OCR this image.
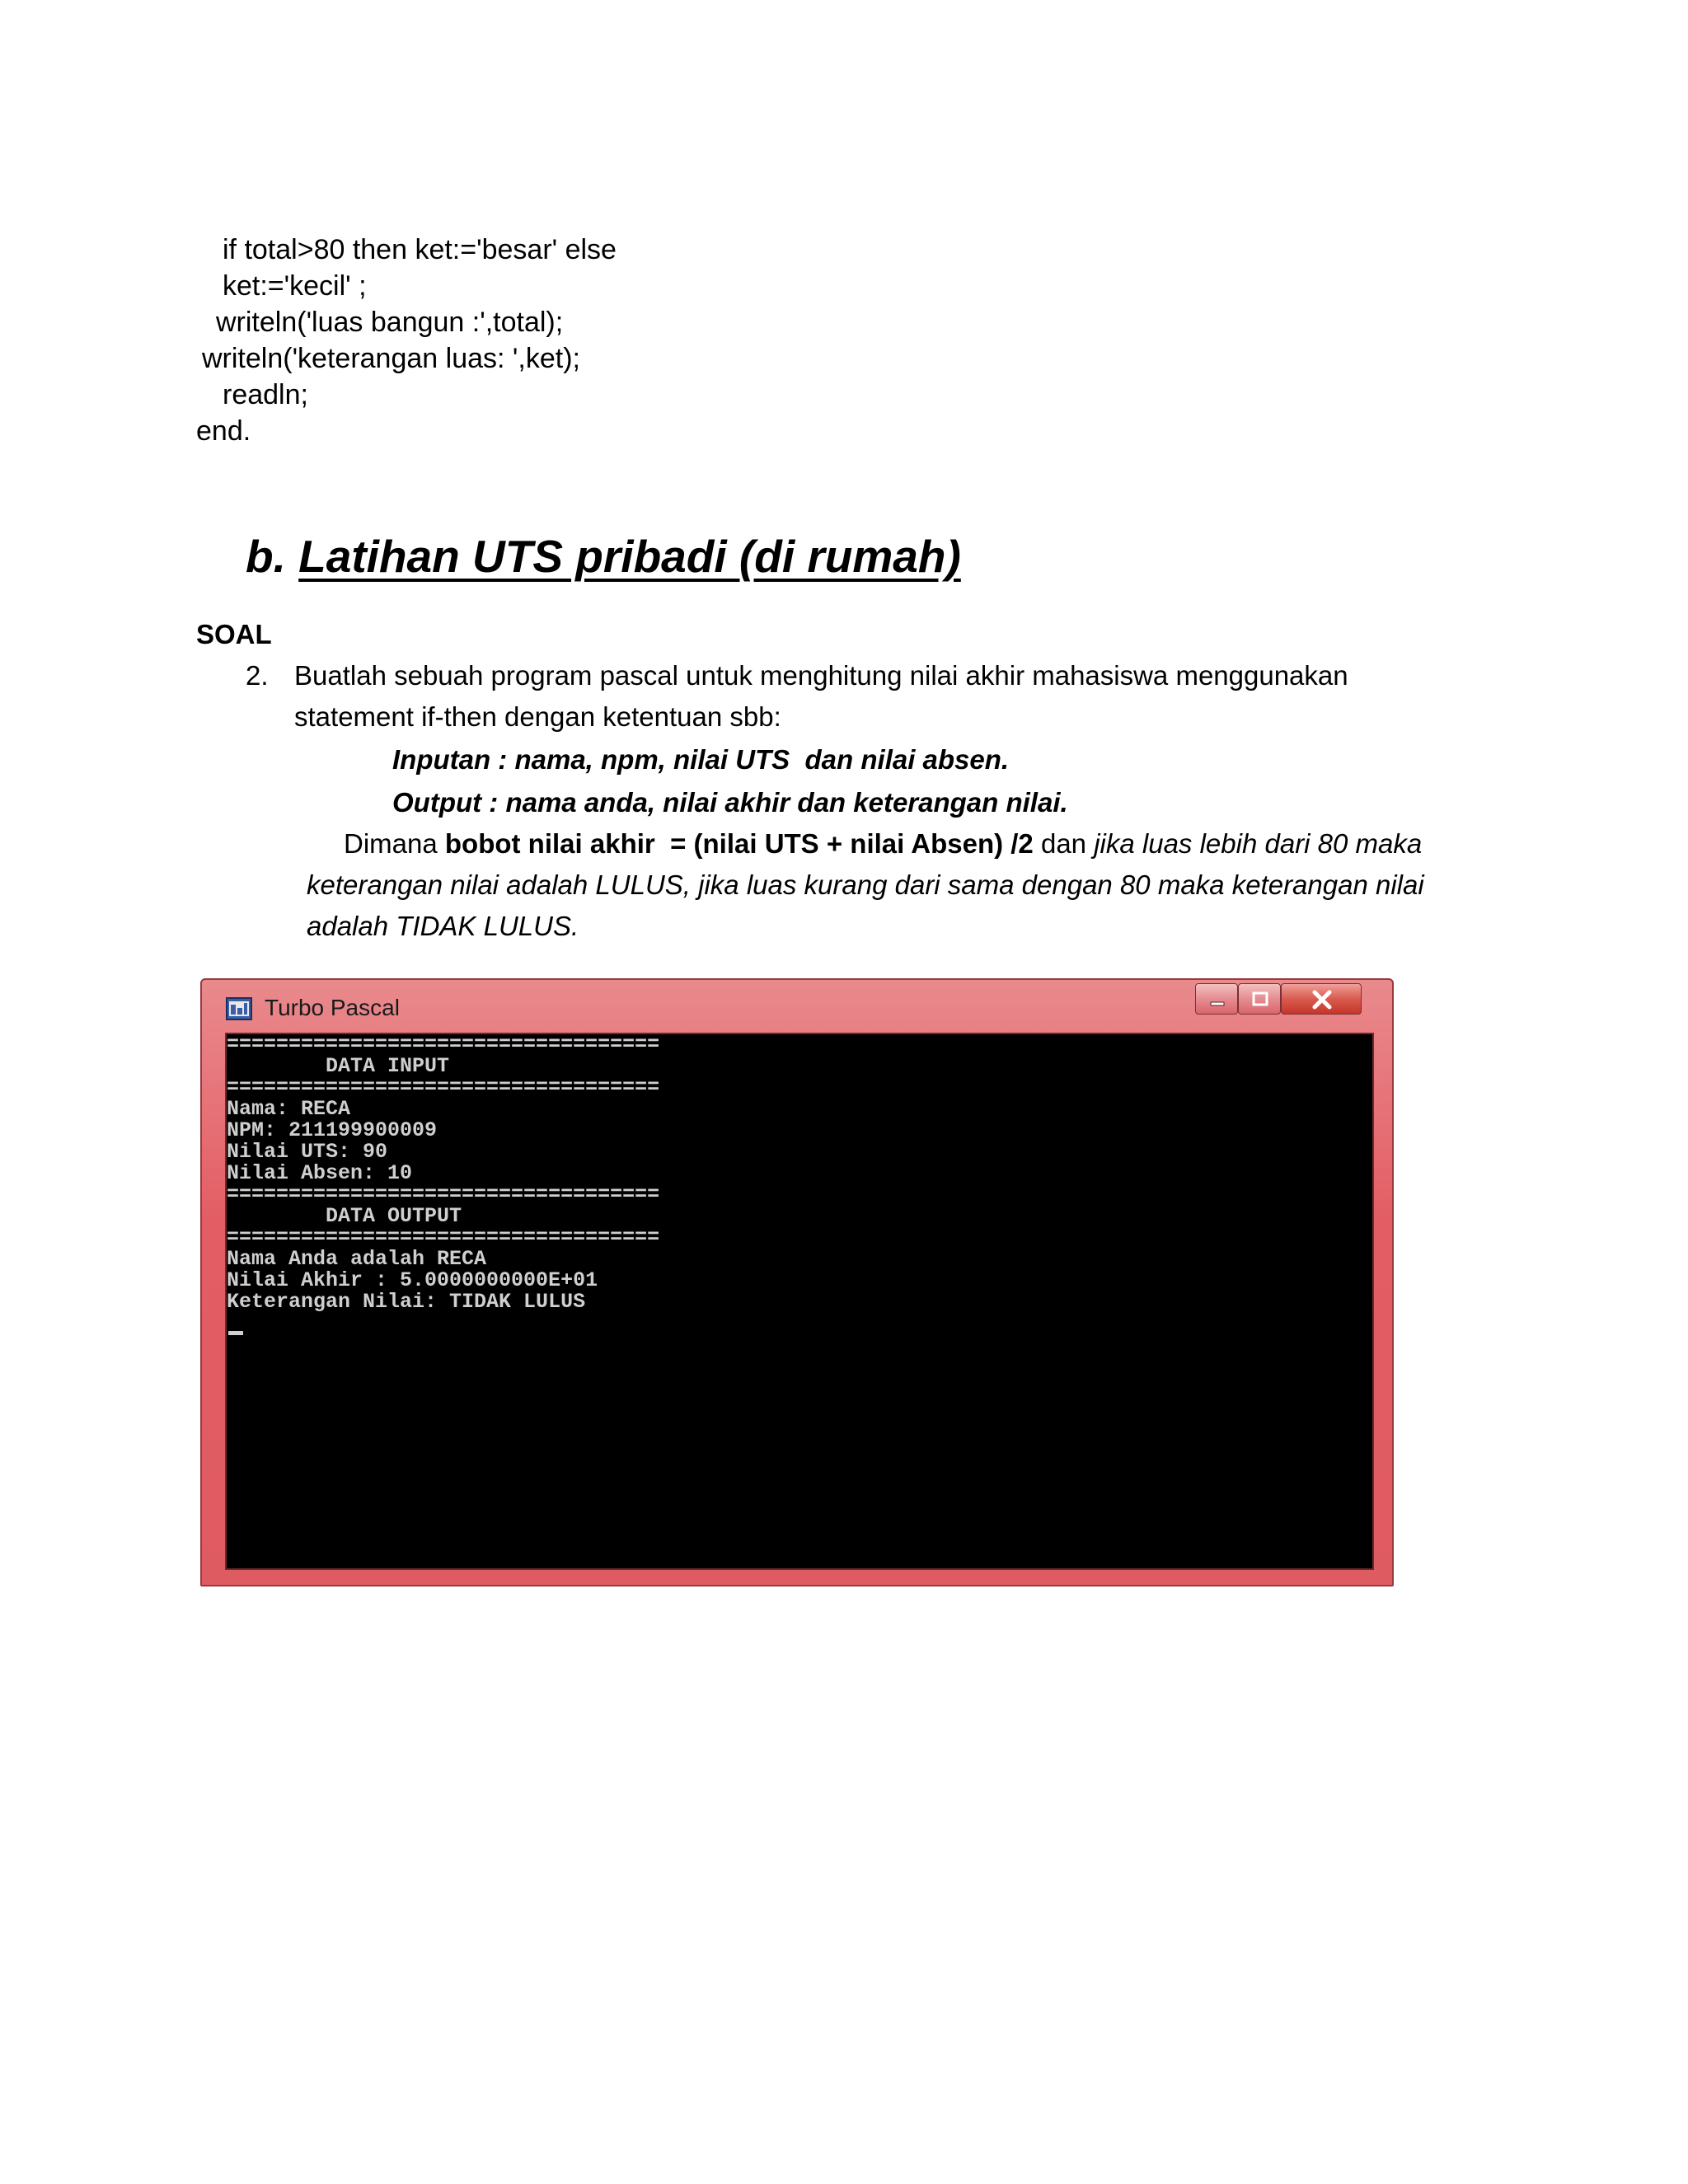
if total>80 then ket:='besar' else
ket:='kecil' ;
writeln('luas bangun :',total);
writeln('keterangan luas: ',ket);
readln;
end.
b. Latihan UTS pribadi (di rumah)
SOAL
2. Buatlah sebuah program pascal untuk menghitung nilai akhir mahasiswa menggunakan
statement if-then dengan ketentuan sbb:
Inputan : nama, npm, nilai UTS  dan nilai absen.
Output : nama anda, nilai akhir dan keterangan nilai.
Dimana bobot nilai akhir  = (nilai UTS + nilai Absen) /2 dan jika luas lebih dari 80 maka
keterangan nilai adalah LULUS, jika luas kurang dari sama dengan 80 maka keterangan nilai
adalah TIDAK LULUS.
Turbo Pascal
===================================
DATA INPUT
===================================
Nama: RECA
NPM: 211199900009
Nilai UTS: 90
Nilai Absen: 10
===================================
DATA OUTPUT
===================================
Nama Anda adalah RECA
Nilai Akhir : 5.0000000000E+01
Keterangan Nilai: TIDAK LULUS
